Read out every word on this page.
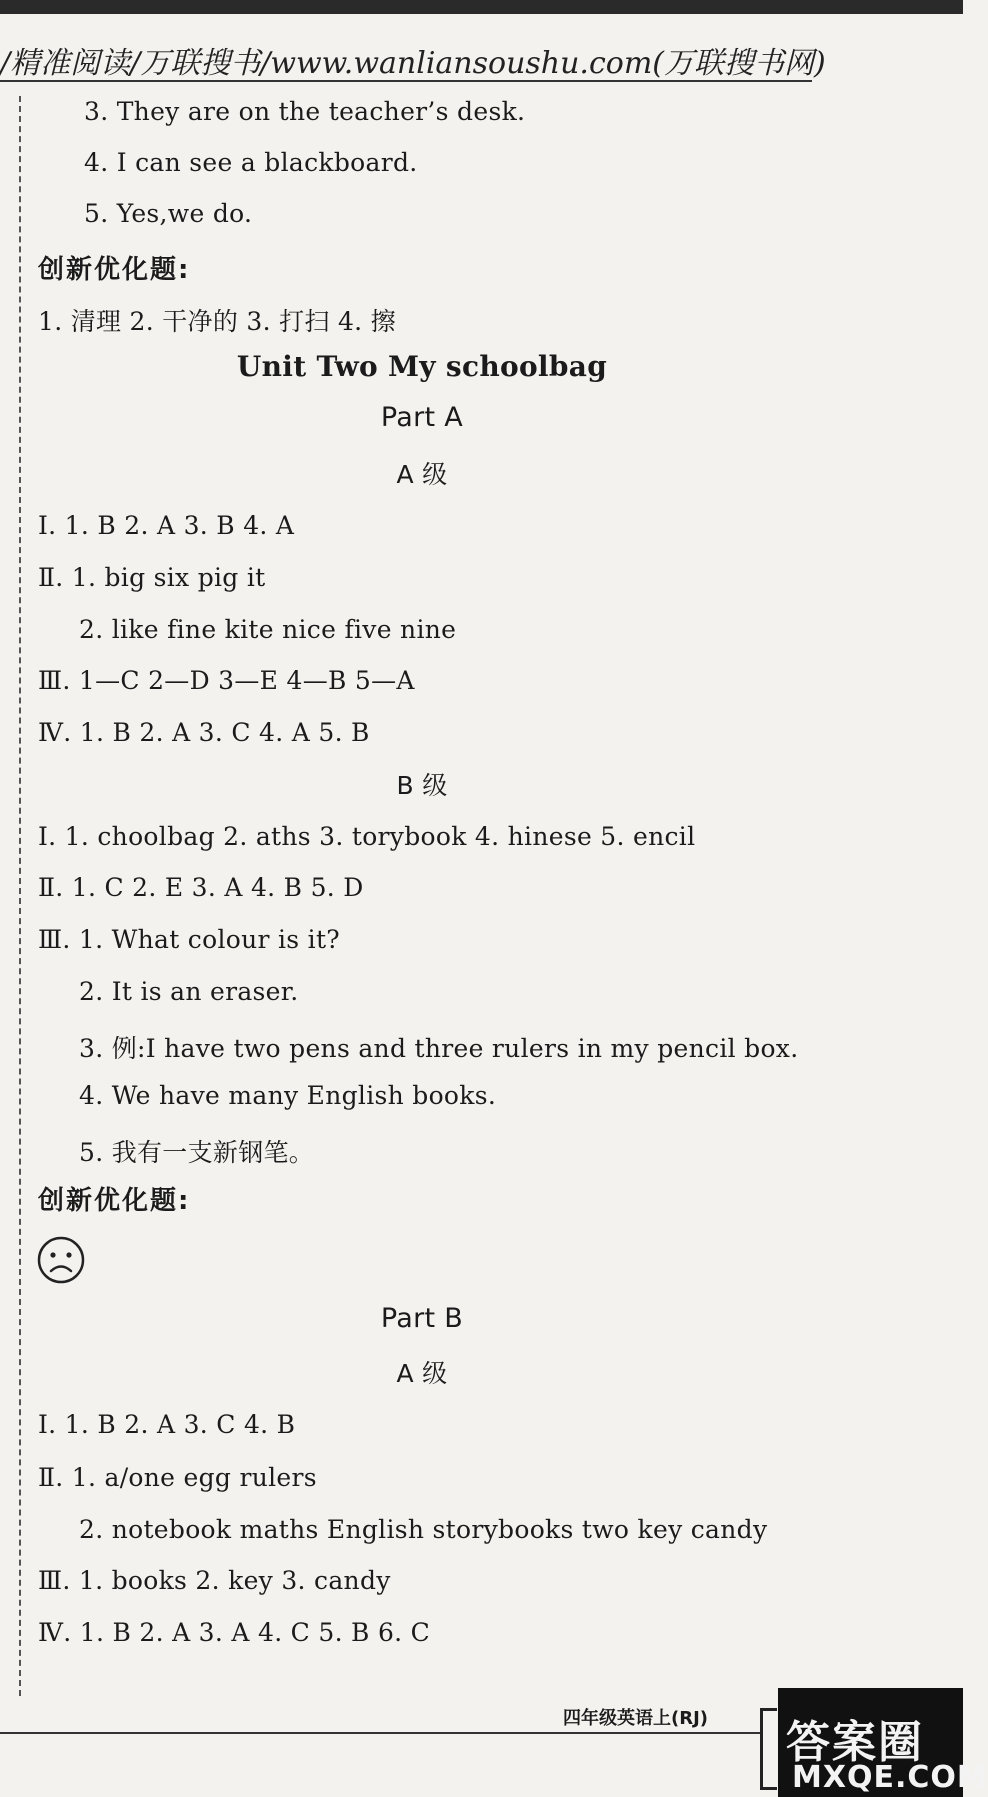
/精准阅读/万联搜书/www.wanliansoushu.com(万联搜书网)
3. They are on the teacher’s desk.
4. I can see a blackboard.
5. Yes,we do.
创新优化题:
1. 清理 2. 干净的 3. 打扫 4. 擦
Unit Two My schoolbag
Part A
A 级
Ⅰ. 1. B 2. A 3. B 4. A
Ⅱ. 1. big six pig it
2. like fine kite nice five nine
Ⅲ. 1—C 2—D 3—E 4—B 5—A
Ⅳ. 1. B 2. A 3. C 4. A 5. B
B 级
Ⅰ. 1. choolbag 2. aths 3. torybook 4. hinese 5. encil
Ⅱ. 1. C 2. E 3. A 4. B 5. D
Ⅲ. 1. What colour is it?
2. It is an eraser.
3. 例:I have two pens and three rulers in my pencil box.
4. We have many English books.
5. 我有一支新钢笔。
创新优化题:
Part B
A 级
Ⅰ. 1. B 2. A 3. C 4. B
Ⅱ. 1. a/one egg rulers
2. notebook maths English storybooks two key candy
Ⅲ. 1. books 2. key 3. candy
Ⅳ. 1. B 2. A 3. A 4. C 5. B 6. C
四年级英语上(RJ) 答案圈
MXQE.COM
